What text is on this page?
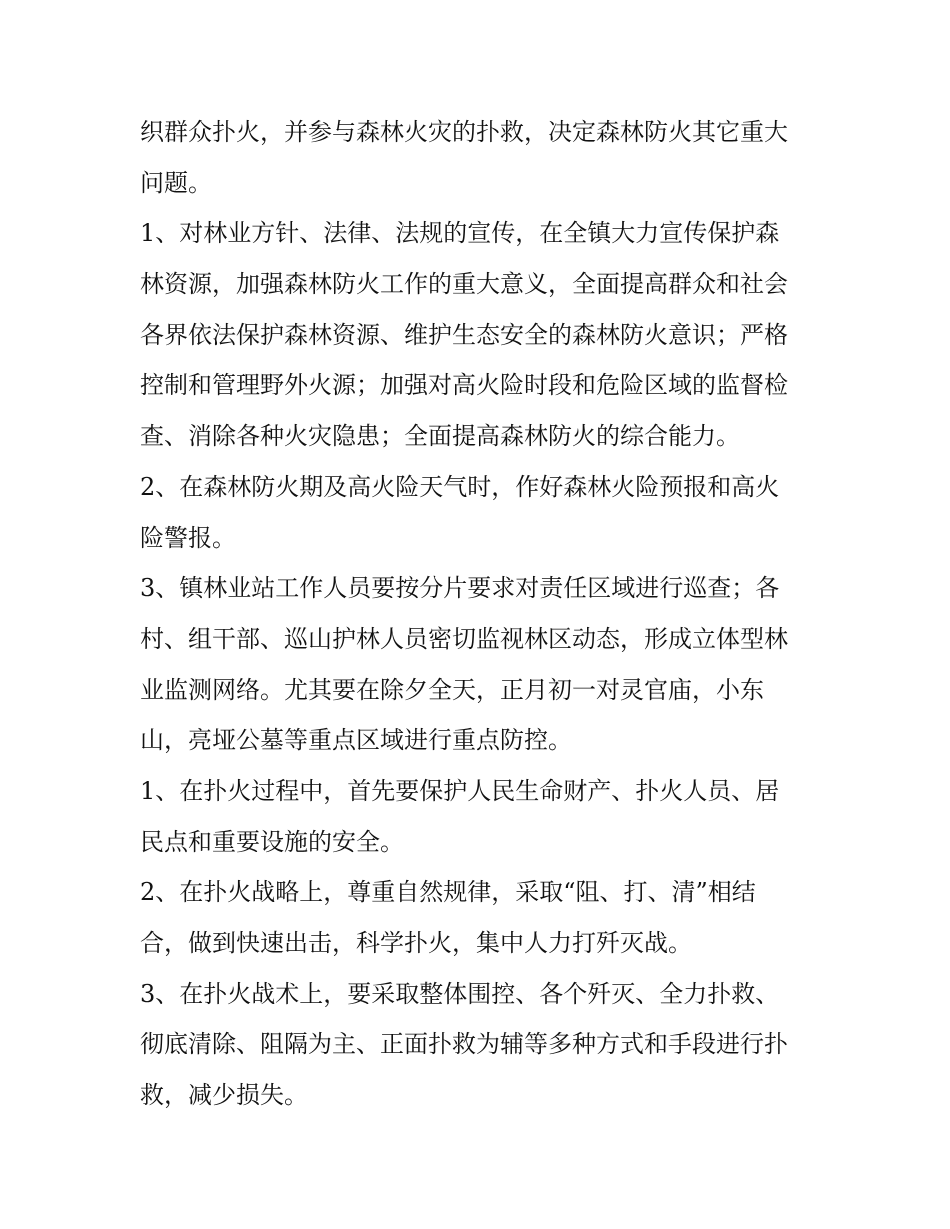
织群众扑火，并参与森林火灾的扑救，决定森林防火其它重大
问题。

1、对林业方针、法律、法规的宣传，在全镇大力宣传保护森
林资源，加强森林防火工作的重大意义，全面提高群众和社会
各界依法保护森林资源、维护生态安全的森林防火意识；严格
控制和管理野外火源；加强对高火险时段和危险区域的监督检
查、消除各种火灾隐患；全面提高森林防火的综合能力。

2、在森林防火期及高火险天气时，作好森林火险预报和高火
险警报。

3、镇林业站工作人员要按分片要求对责任区域进行巡查；各
村、组干部、巡山护林人员密切监视林区动态，形成立体型林
业监测网络。尤其要在除夕全天，正月初一对灵官庙，小东
山，亮垭公墓等重点区域进行重点防控。

1、在扑火过程中，首先要保护人民生命财产、扑火人员、居
民点和重要设施的安全。

2、在扑火战略上，尊重自然规律，采取“阻、打、清”相结
合，做到快速出击，科学扑火，集中人力打歼灭战。

3、在扑火战术上，要采取整体围控、各个歼灭、全力扑救、
彻底清除、阻隔为主、正面扑救为辅等多种方式和手段进行扑
救，减少损失。
